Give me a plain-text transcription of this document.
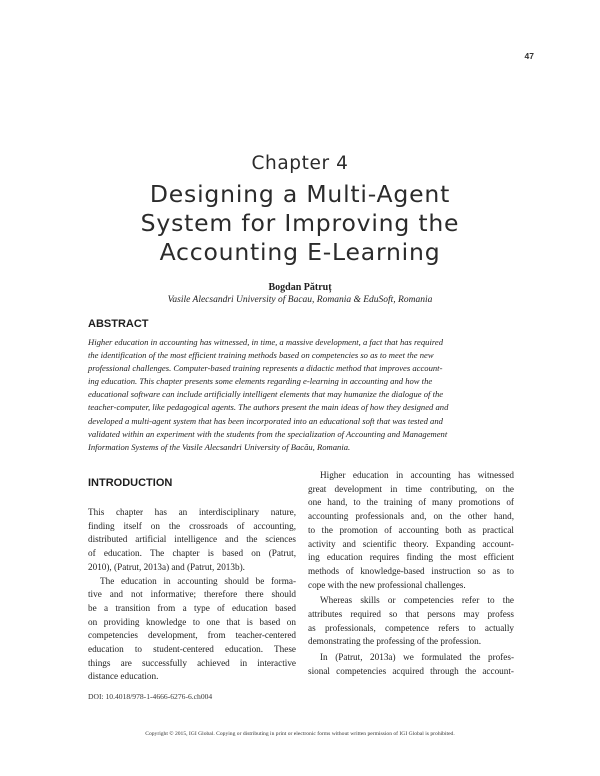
47
Chapter 4
Designing a Multi-Agent
System for Improving the
Accounting E-Learning
Bogdan Pătruț
Vasile Alecsandri University of Bacau, Romania & EduSoft, Romania
ABSTRACT
Higher education in accounting has witnessed, in time, a massive development, a fact that has required
the identification of the most efficient training methods based on competencies so as to meet the new
professional challenges. Computer-based training represents a didactic method that improves account-
ing education. This chapter presents some elements regarding e-learning in accounting and how the
educational software can include artificially intelligent elements that may humanize the dialogue of the
teacher-computer, like pedagogical agents. The authors present the main ideas of how they designed and
developed a multi-agent system that has been incorporated into an educational soft that was tested and
validated within an experiment with the students from the specialization of Accounting and Management
Information Systems of the Vasile Alecsandri University of Bacău, Romania.
INTRODUCTION
This chapter has an interdisciplinary nature,
finding itself on the crossroads of accounting,
distributed artificial intelligence and the sciences
of education. The chapter is based on (Patrut,
2010), (Patrut, 2013a) and (Patrut, 2013b).
The education in accounting should be forma-
tive and not informative; therefore there should
be a transition from a type of education based
on providing knowledge to one that is based on
competencies development, from teacher-centered
education to student-centered education. These
things are successfully achieved in interactive
distance education.
Higher education in accounting has witnessed
great development in time contributing, on the
one hand, to the training of many promotions of
accounting professionals and, on the other hand,
to the promotion of accounting both as practical
activity and scientific theory. Expanding account-
ing education requires finding the most efficient
methods of knowledge-based instruction so as to
cope with the new professional challenges.
Whereas skills or competencies refer to the
attributes required so that persons may profess
as professionals, competence refers to actually
demonstrating the professing of the profession.
In (Patrut, 2013a) we formulated the profes-
sional competencies acquired through the account-
DOI: 10.4018/978-1-4666-6276-6.ch004
Copyright © 2015, IGI Global. Copying or distributing in print or electronic forms without written permission of IGI Global is prohibited.
